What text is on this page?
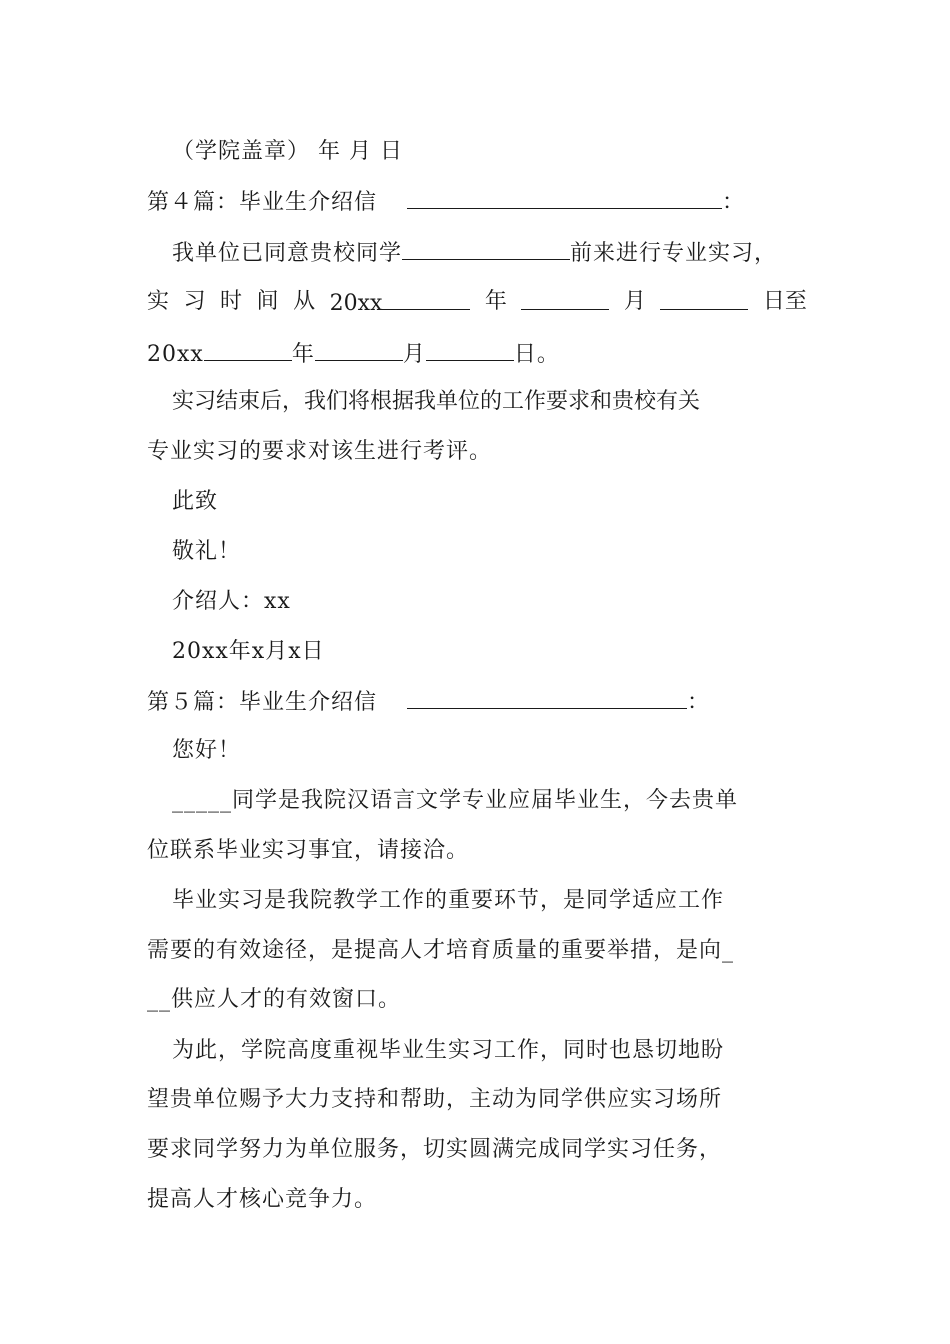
（学院盖章） 年 月 日
第４篇：毕业生介绍信	：
我单位已同意贵校同学	前来进行专业实习，
实 习 时 间 从 20xx	年	月	日至
20xx	年	月	日。
实习结束后，我们将根据我单位的工作要求和贵校有关
专业实习的要求对该生进行考评。
此致
敬礼！
介绍人：xx
20xx年x月x日
第５篇：毕业生介绍信	：
您好！
_____同学是我院汉语言文学专业应届毕业生，今去贵单
位联系毕业实习事宜，请接洽。
毕业实习是我院教学工作的重要环节，是同学适应工作
需要的有效途径，是提高人才培育质量的重要举措，是向_
__供应人才的有效窗口。
为此，学院高度重视毕业生实习工作，同时也恳切地盼
望贵单位赐予大力支持和帮助，主动为同学供应实习场所
要求同学努力为单位服务，切实圆满完成同学实习任务，
提高人才核心竞争力。
